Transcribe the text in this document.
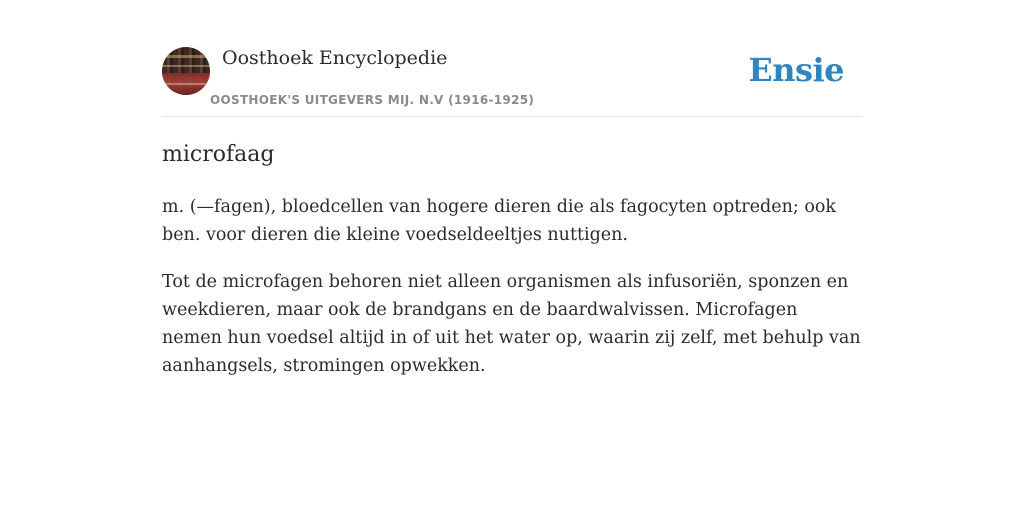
Oosthoek Encyclopedie
OOSTHOEK'S UITGEVERS MIJ. N.V (1916-1925)
Ensie
microfaag

m. (—fagen), bloedcellen van hogere dieren die als fagocyten optreden; ook ben. voor dieren die kleine voedseldeeltjes nuttigen.

Tot de microfagen behoren niet alleen organismen als infusoriën, sponzen en weekdieren, maar ook de brandgans en de baardwalvissen. Microfagen nemen hun voedsel altijd in of uit het water op, waarin zij zelf, met behulp van aanhangsels, stromingen opwekken.
